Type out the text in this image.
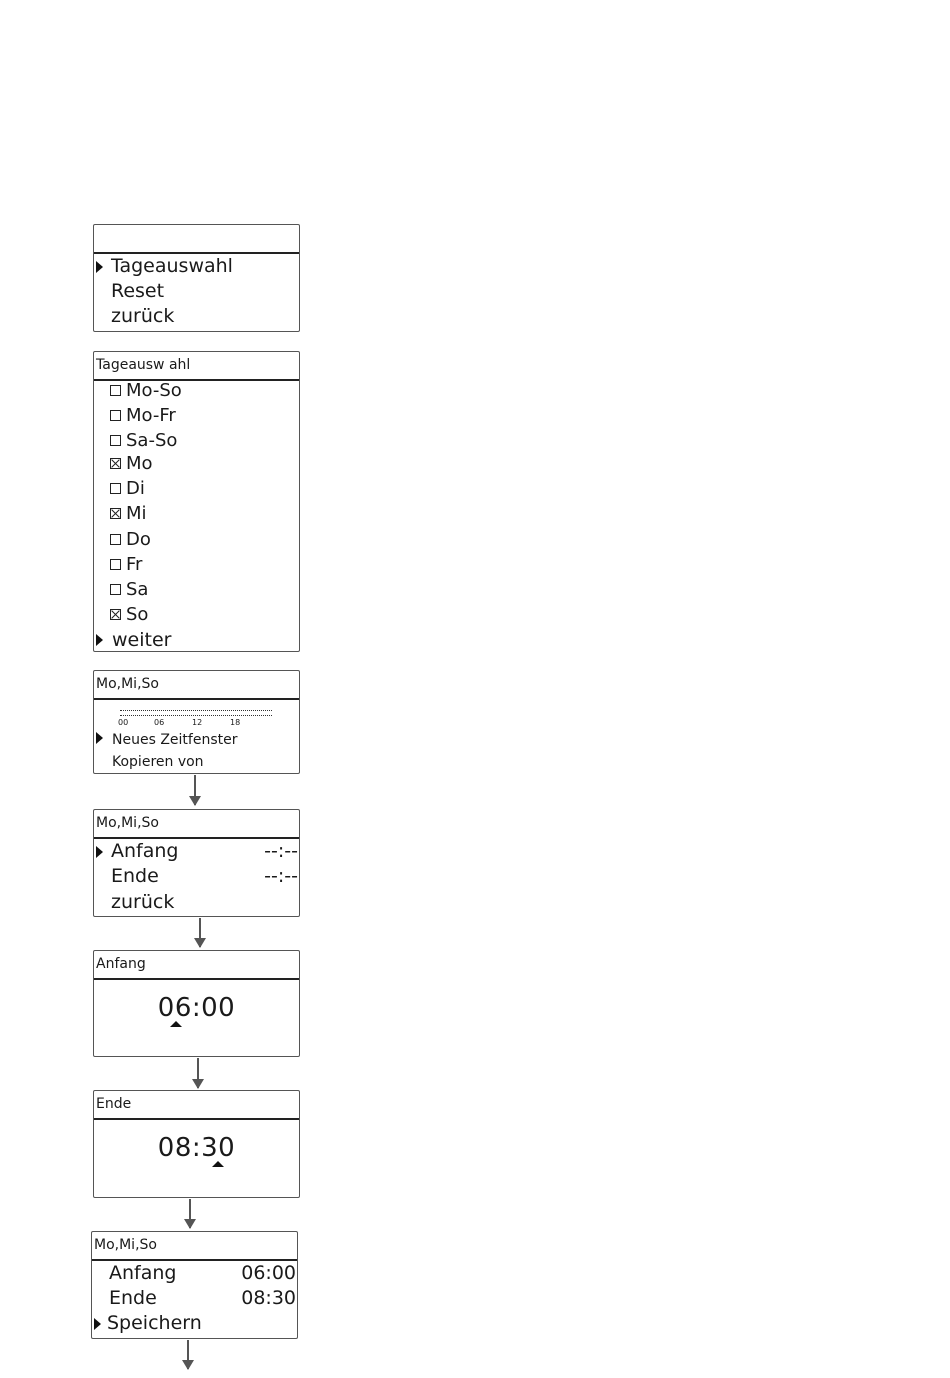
Tageauswahl
Reset
zurück
Tageausw ahl
Mo-So
Mo-Fr
Sa-So
Mo
Di
Mi
Do
Fr
Sa
So
weiter
Mo,Mi,So
00	06	12	18
Neues Zeitfenster
Kopieren von
Mo,Mi,So
Anfang	--:--
Ende	--:--
zurück
Anfang
06:00
Ende
08:30
Mo,Mi,So
Anfang	06:00
Ende	08:30
Speichern
